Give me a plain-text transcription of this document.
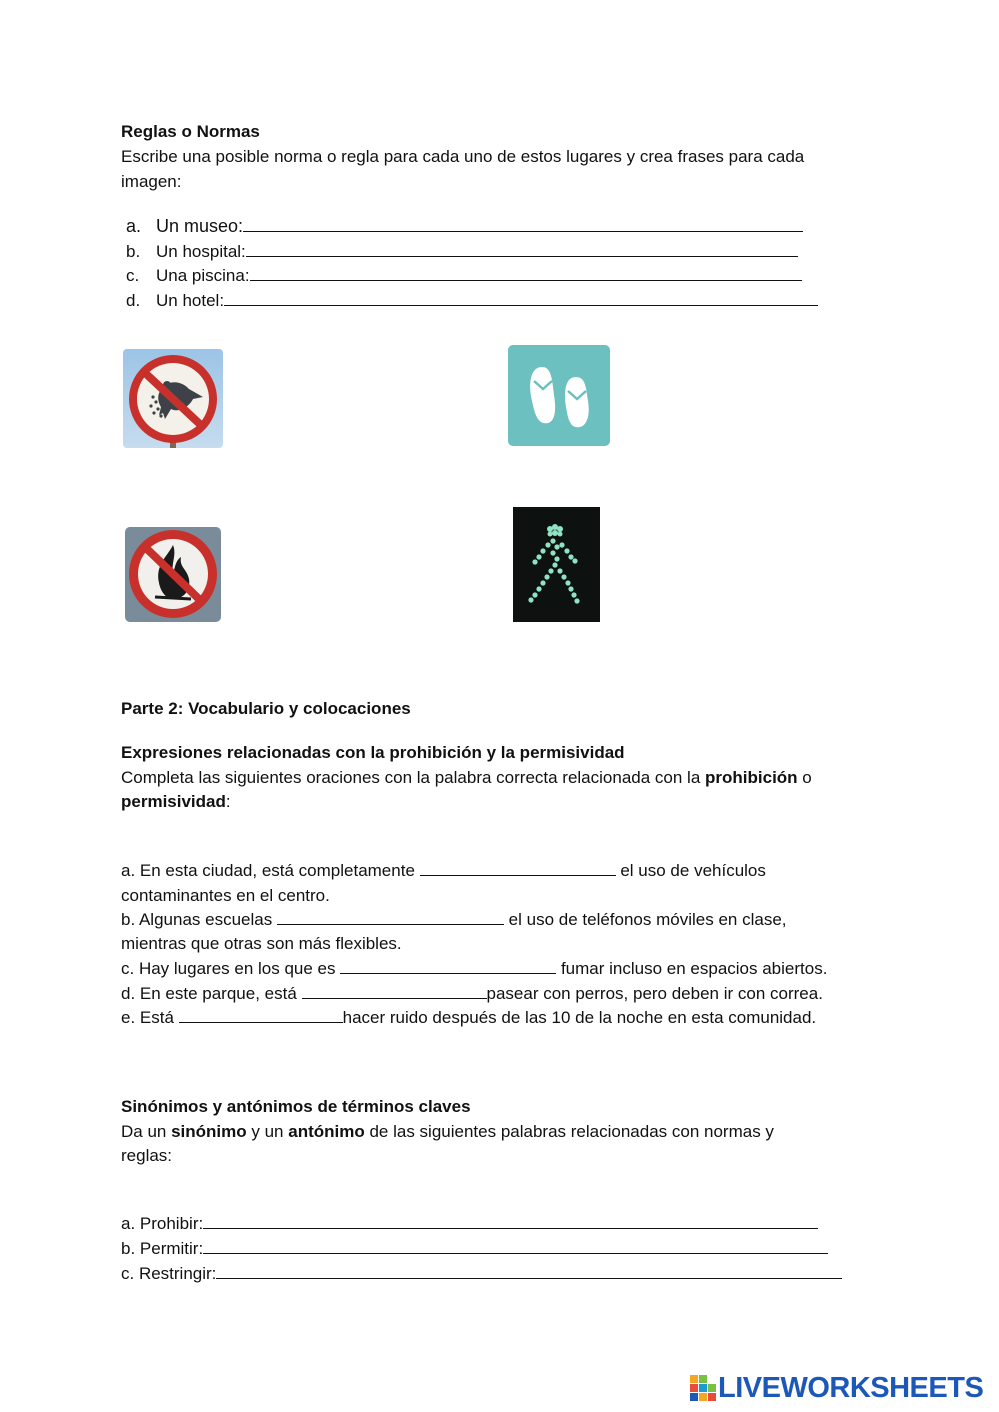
Reglas o Normas
Escribe una posible norma o regla para cada uno de estos lugares y crea frases para cada
imagen:
a. Un museo:
b. Un hospital:
c. Una piscina:
d. Un hotel:
Parte 2: Vocabulario y colocaciones
Expresiones relacionadas con la prohibición y la permisividad
Completa las siguientes oraciones con la palabra correcta relacionada con la prohibición o
permisividad:
a. En esta ciudad, está completamente	el uso de vehículos
contaminantes en el centro.
b. Algunas escuelas	el uso de teléfonos móviles en clase,
mientras que otras son más flexibles.
c. Hay lugares en los que es	fumar incluso en espacios abiertos.
d. En este parque, está	pasear con perros, pero deben ir con correa.
e. Está	hacer ruido después de las 10 de la noche en esta comunidad.
Sinónimos y antónimos de términos claves
Da un sinónimo y un antónimo de las siguientes palabras relacionadas con normas y
reglas:
a. Prohibir:
b. Permitir:
c. Restringir:
LIVEWORKSHEETS
